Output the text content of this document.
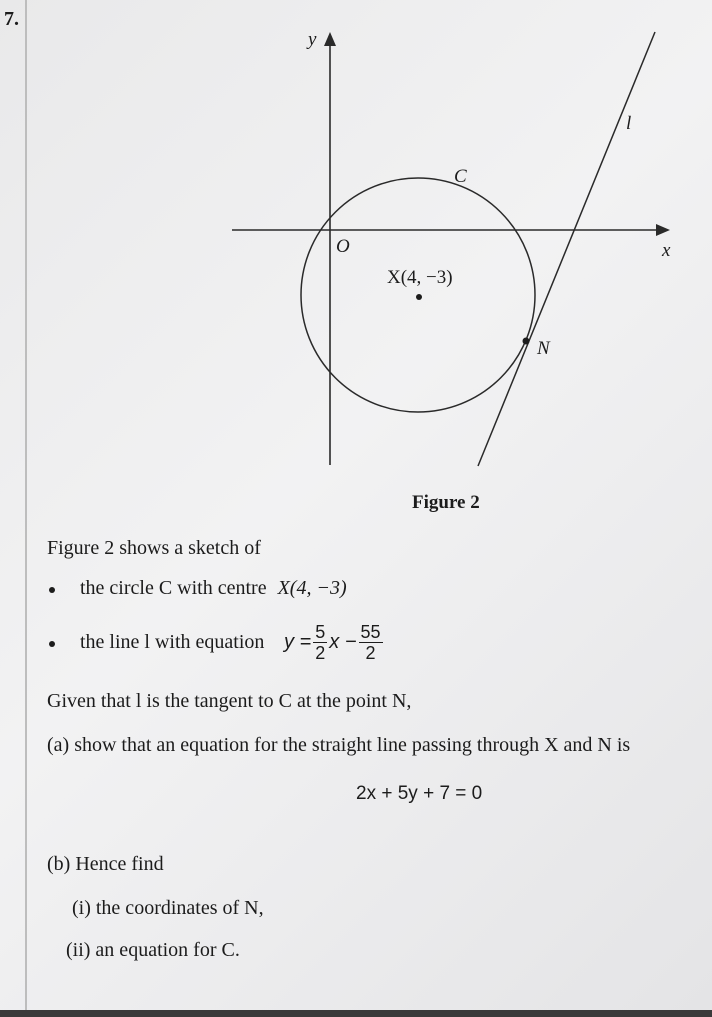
7.
y
x
O
l
C
X(4, −3)
N
Figure 2
Figure 2 shows a sketch of
the circle C with centre X(4, −3)
the line l with equation $y = \frac{5}{2}$ $x - \frac{55}{2}$
Given that l is the tangent to C at the point N,
(a) show that an equation for the straight line passing through X and N is
2x + 5y + 7 = 0
(b) Hence find
(i) the coordinates of N,
(ii) an equation for C.
